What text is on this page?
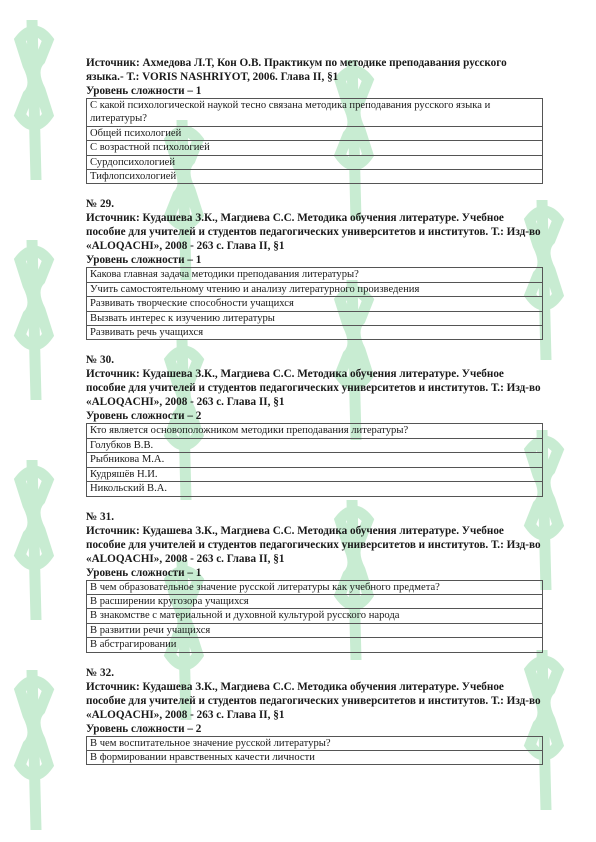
Источник: Ахмедова Л.Т, Кон О.В. Практикум по методике преподавания русского языка.- Т.: VORIS NASHRIYOT, 2006. Глава II, §1

Уровень сложности – 1

С какой психологической наукой тесно связана методика преподавания русского языка и литературы?
Общей психологией
С возрастной психологией
Сурдопсихологией
Тифлопсихологией

№ 29.

Источник: Кудашева З.К., Магдиева С.С. Методика обучения литературе. Учебное пособие для учителей и студентов педагогических университетов и институтов. Т.: Изд-во «ALOQACHI», 2008 - 263 с. Глава II, §1

Уровень сложности – 1

Какова главная задача методики преподавания литературы?
Учить самостоятельному чтению и анализу литературного произведения
Развивать творческие способности учащихся
Вызвать интерес к изучению литературы
Развивать речь учащихся

№ 30.

Источник: Кудашева З.К., Магдиева С.С. Методика обучения литературе. Учебное пособие для учителей и студентов педагогических университетов и институтов. Т.: Изд-во «ALOQACHI», 2008 - 263 с. Глава II, §1

Уровень сложности – 2

Кто является основоположником методики преподавания литературы?
Голубков В.В.
Рыбникова М.А.
Кудряшёв Н.И.
Никольский В.А.

№ 31.

Источник: Кудашева З.К., Магдиева С.С. Методика обучения литературе. Учебное пособие для учителей и студентов педагогических университетов и институтов. Т.: Изд-во «ALOQACHI», 2008 - 263 с. Глава II, §1

Уровень сложности – 1

В чем образовательное значение русской литературы как учебного предмета?
В расширении кругозора учащихся
В знакомстве с материальной и духовной культурой русского народа
В развитии речи учащихся
В абстрагировании

№ 32.

Источник: Кудашева З.К., Магдиева С.С. Методика обучения литературе. Учебное пособие для учителей и студентов педагогических университетов и институтов. Т.: Изд-во «ALOQACHI», 2008 - 263 с. Глава II, §1

Уровень сложности – 2

В чем воспитательное значение русской литературы?
В формировании нравственных качести личности
